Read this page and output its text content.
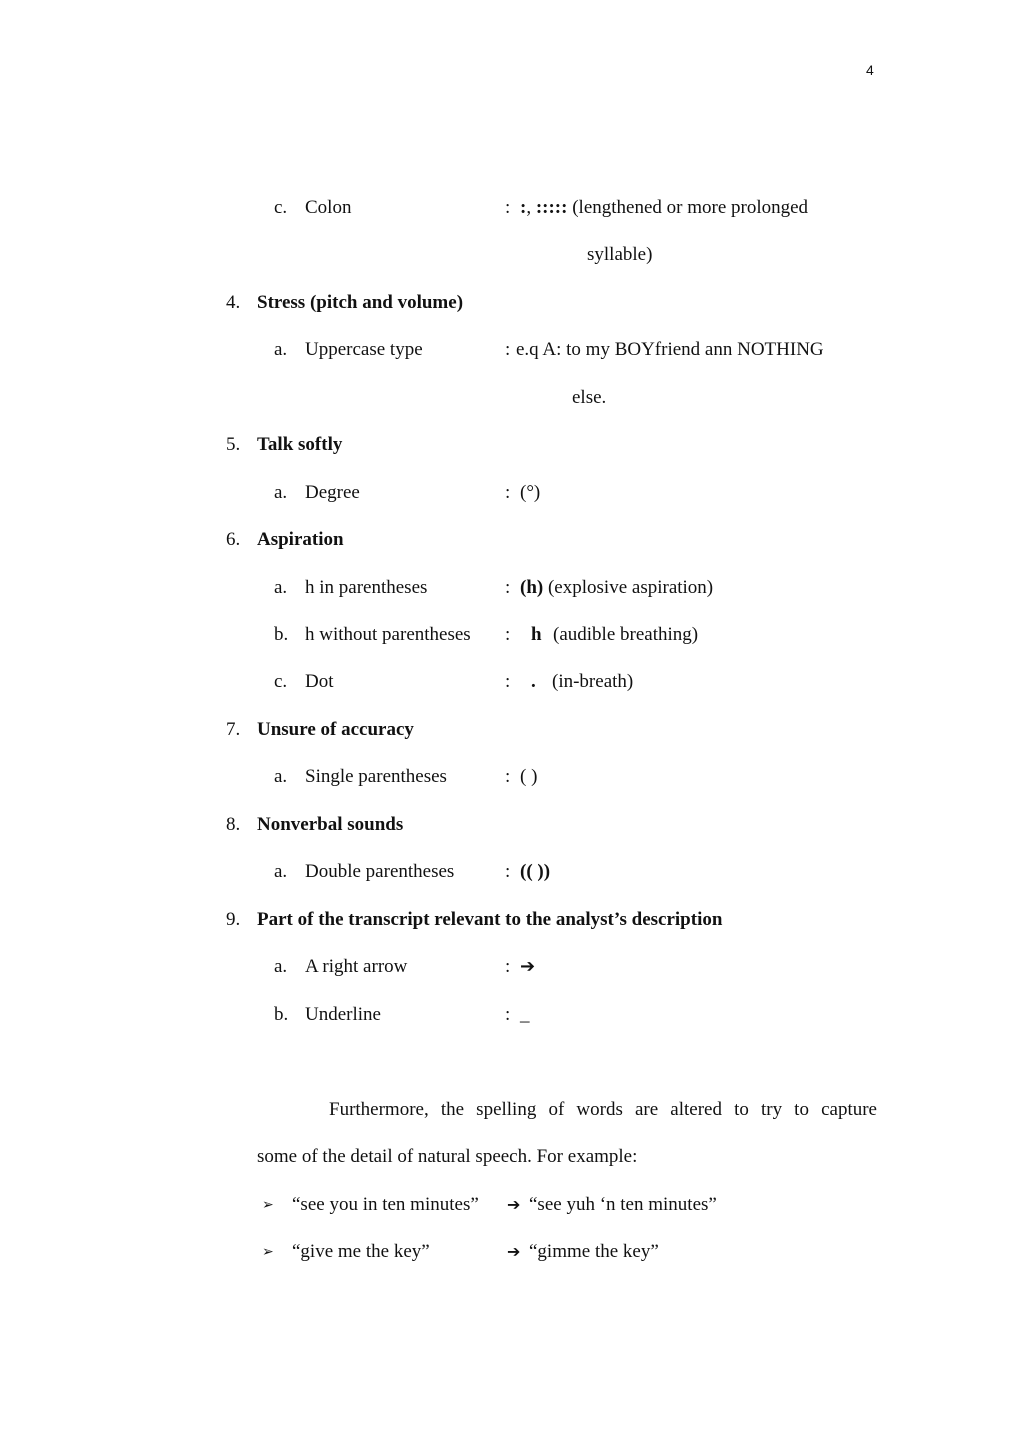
4
c. Colon	: :, ::::: (lengthened or more prolonged
syllable)
4. Stress (pitch and volume)
a. Uppercase type	: e.q A: to my BOYfriend ann NOTHING
else.
5. Talk softly
a. Degree	: (°)
6. Aspiration
a. h in parentheses	: (h) (explosive aspiration)
b. h without parentheses : h (audible breathing)
c. Dot	: . (in-breath)
7. Unsure of accuracy
a. Single parentheses	: ( )
8. Nonverbal sounds
a. Double parentheses	: (( ))
9. Part of the transcript relevant to the analyst’s description
a. A right arrow	: ➔
b. Underline	: _
Furthermore, the spelling of words are altered to try to capture
some of the detail of natural speech. For example:
➢ “see you in ten minutes” ➔ “see yuh ‘n ten minutes”
➢ “give me the key”	➔ “gimme the key”
